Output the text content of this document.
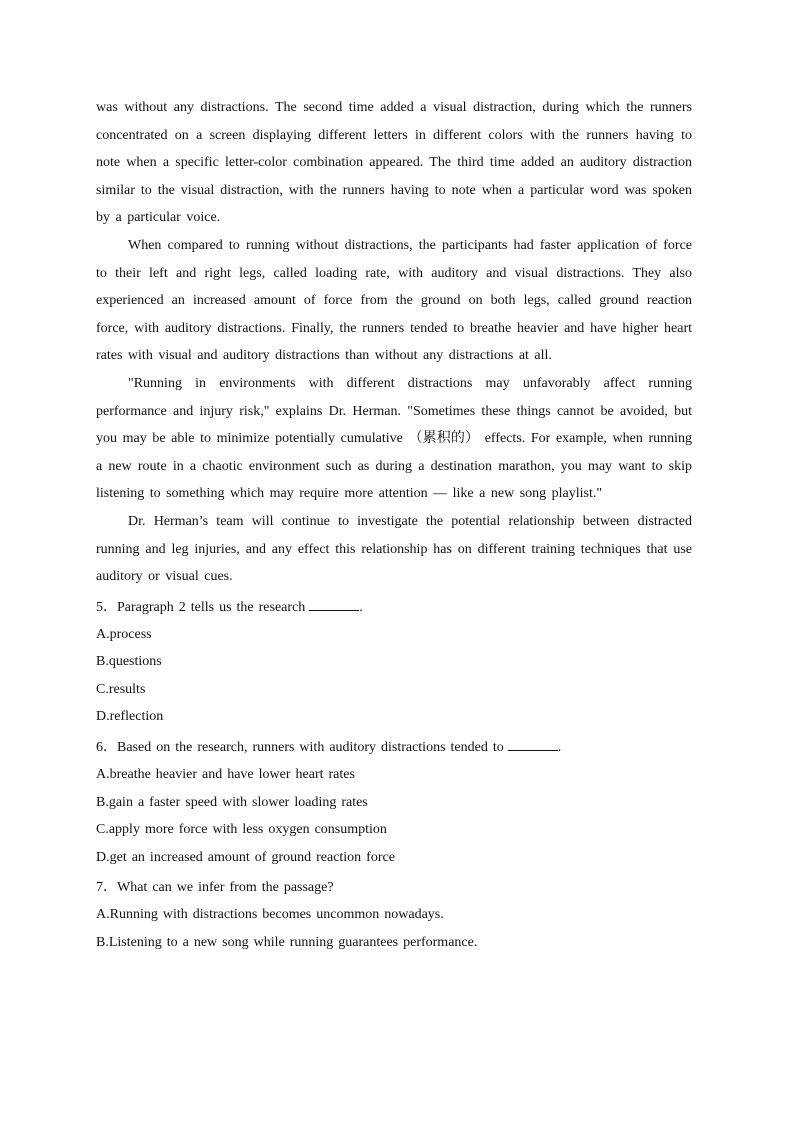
was without any distractions. The second time added a visual distraction, during which the runners concentrated on a screen displaying different letters in different colors with the runners having to note when a specific letter-color combination appeared. The third time added an auditory distraction similar to the visual distraction, with the runners having to note when a particular word was spoken by a particular voice.

When compared to running without distractions, the participants had faster application of force to their left and right legs, called loading rate, with auditory and visual distractions. They also experienced an increased amount of force from the ground on both legs, called ground reaction force, with auditory distractions. Finally, the runners tended to breathe heavier and have higher heart rates with visual and auditory distractions than without any distractions at all.

"Running in environments with different distractions may unfavorably affect running performance and injury risk," explains Dr. Herman. "Sometimes these things cannot be avoided, but you may be able to minimize potentially cumulative （累积的） effects. For example, when running a new route in a chaotic environment such as during a destination marathon, you may want to skip listening to something which may require more attention — like a new song playlist."

Dr. Herman’s team will continue to investigate the potential relationship between distracted running and leg injuries, and any effect this relationship has on different training techniques that use auditory or visual cues.

5．Paragraph 2 tells us the research	.

A.process

B.questions

C.results

D.reflection

6．Based on the research, runners with auditory distractions tended to	.

A.breathe heavier and have lower heart rates

B.gain a faster speed with slower loading rates

C.apply more force with less oxygen consumption

D.get an increased amount of ground reaction force

7．What can we infer from the passage?

A.Running with distractions becomes uncommon nowadays.

B.Listening to a new song while running guarantees performance.
